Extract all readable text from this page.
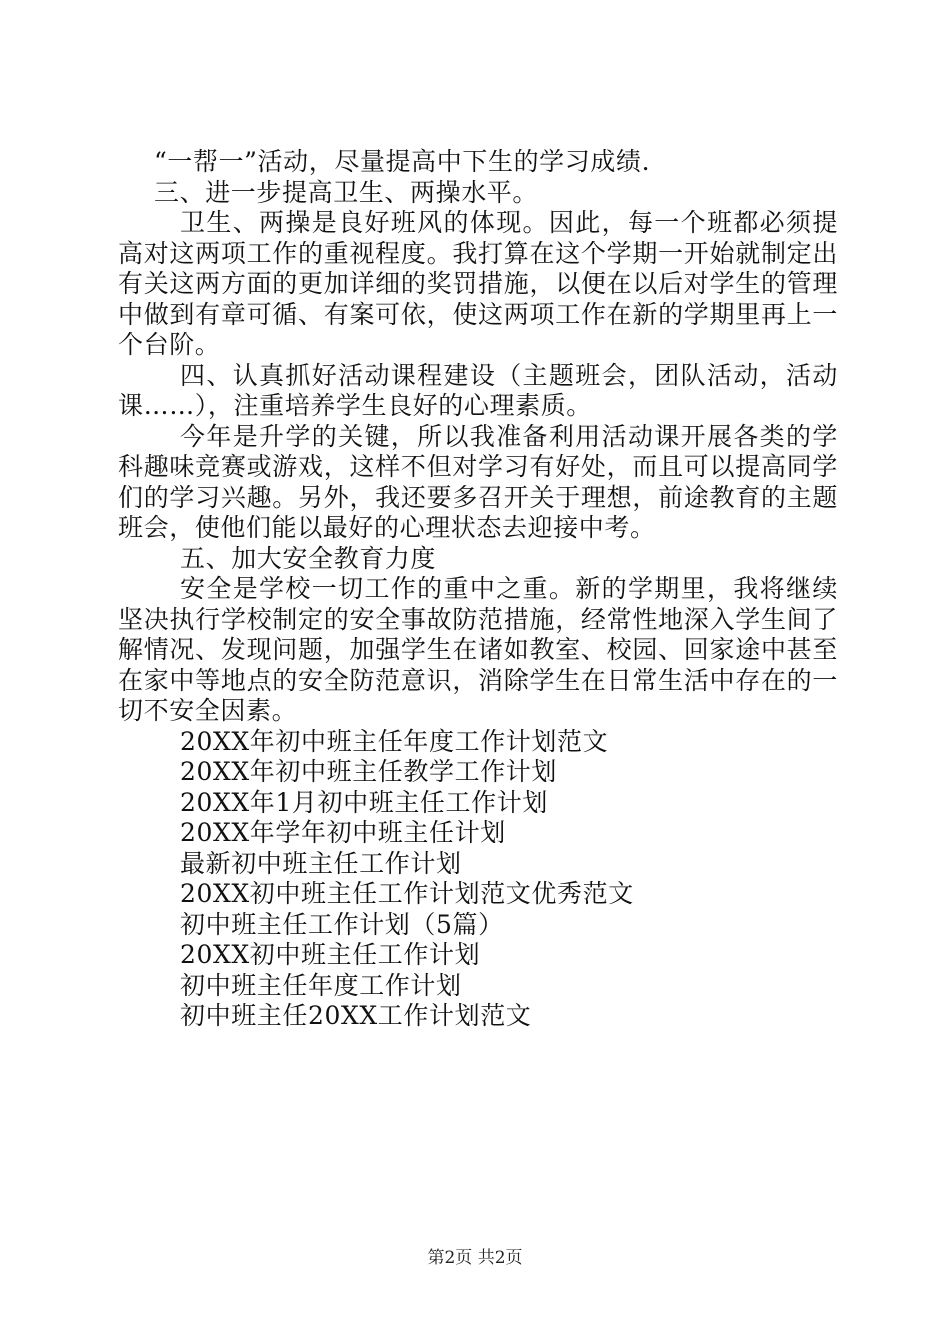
“一帮一”活动，尽量提高中下生的学习成绩.

三、进一步提高卫生、两操水平。

卫生、两操是良好班风的体现。因此，每一个班都必须提高对这两项工作的重视程度。我打算在这个学期一开始就制定出有关这两方面的更加详细的奖罚措施，以便在以后对学生的管理中做到有章可循、有案可依，使这两项工作在新的学期里再上一个台阶。

四、认真抓好活动课程建设（主题班会，团队活动，活动课……），注重培养学生良好的心理素质。

今年是升学的关键，所以我准备利用活动课开展各类的学科趣味竞赛或游戏，这样不但对学习有好处，而且可以提高同学们的学习兴趣。另外，我还要多召开关于理想，前途教育的主题班会，使他们能以最好的心理状态去迎接中考。

五、加大安全教育力度

安全是学校一切工作的重中之重。新的学期里，我将继续坚决执行学校制定的安全事故防范措施，经常性地深入学生间了解情况、发现问题，加强学生在诸如教室、校园、回家途中甚至在家中等地点的安全防范意识，消除学生在日常生活中存在的一切不安全因素。

20XX年初中班主任年度工作计划范文

20XX年初中班主任教学工作计划

20XX年1月初中班主任工作计划

20XX年学年初中班主任计划

最新初中班主任工作计划

20XX初中班主任工作计划范文优秀范文

初中班主任工作计划（5篇）

20XX初中班主任工作计划

初中班主任年度工作计划

初中班主任20XX工作计划范文

第2页 共2页
